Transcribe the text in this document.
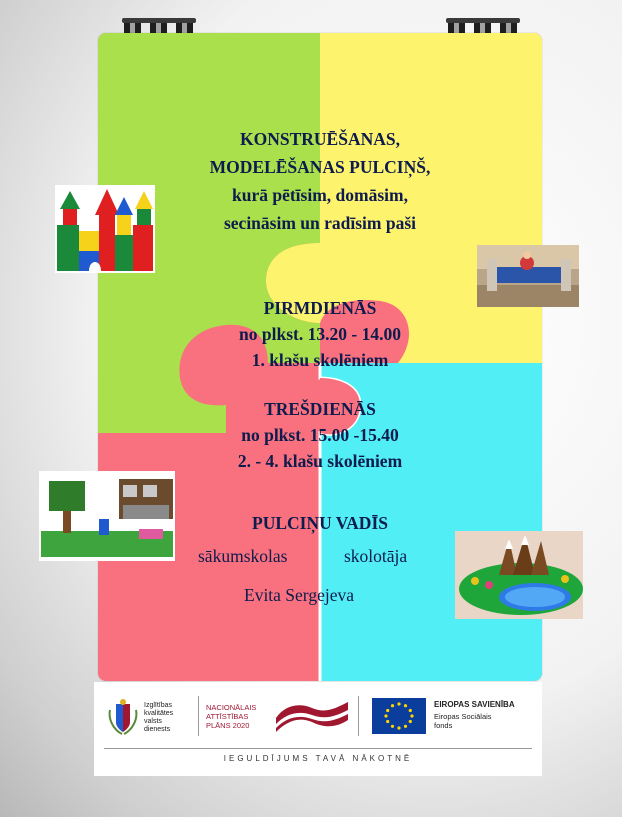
KONSTRUĒŠANAS,
MODELĒŠANAS PULCIŅŠ,
kurā pētīsim, domāsim,
secināsim un radīsim paši
PIRMDIENĀS
no plkst. 13.20 - 14.00
1. klašu skolēniem
TREŠDIENĀS
no plkst. 15.00 -15.40
2. - 4. klašu skolēniem
PULCIŅU VADĪS
sākumskolas	skolotāja
Evita Sergejeva
Izglītības
kvalitātes
valsts
dienests
NACIONĀLAIS
ATTĪSTĪBAS
PLĀNS 2020
EIROPAS SAVIENĪBA
Eiropas Sociālais
fonds
IEGULDĪJUMS TAVĀ NĀKOTNĒ
